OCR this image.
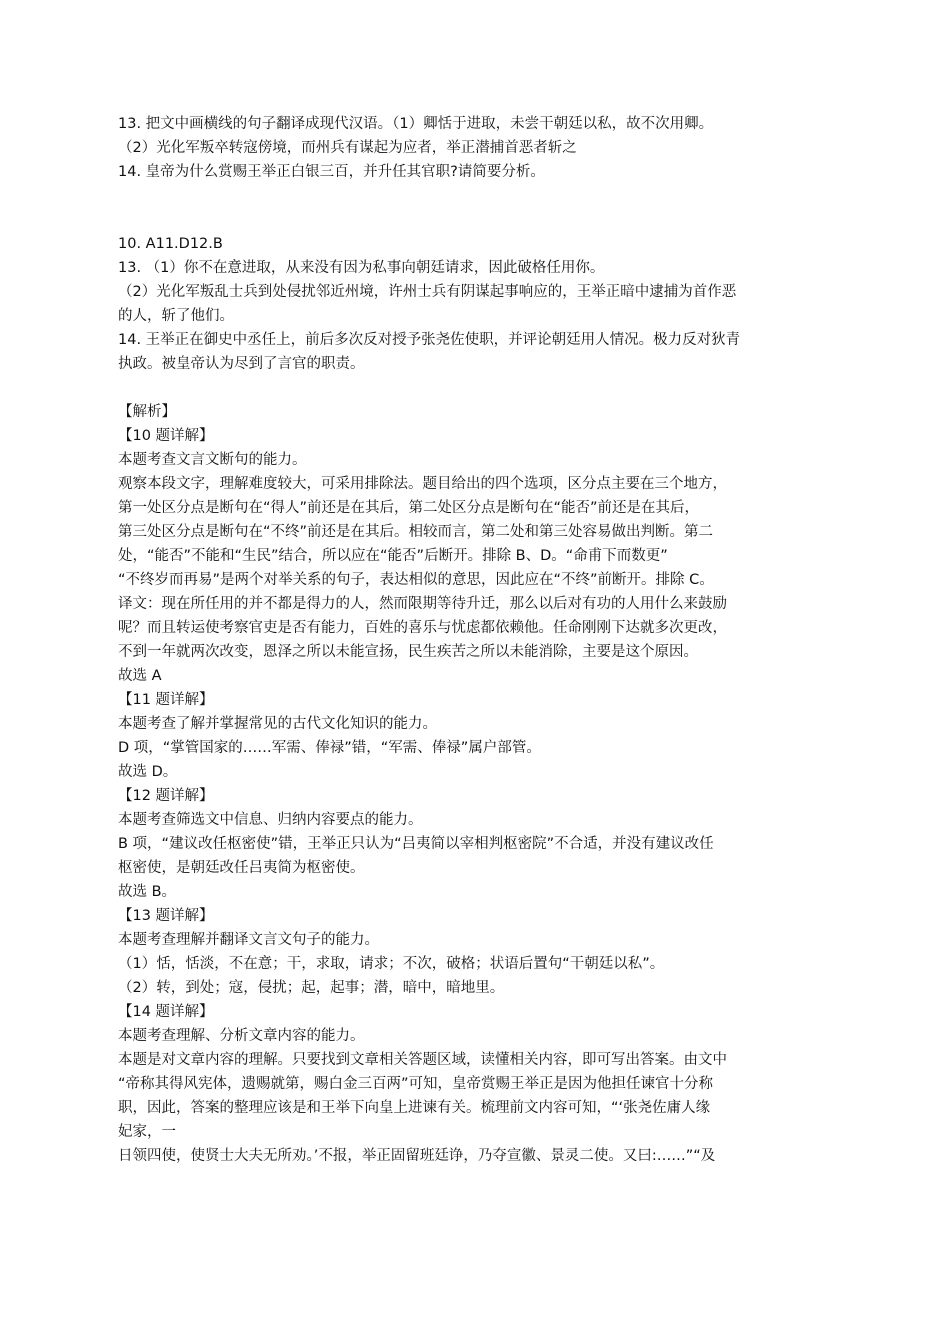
13. 把文中画横线的句子翻译成现代汉语。（1）卿恬于进取，未尝干朝廷以私，故不次用卿。
（2）光化军叛卒转寇傍境，而州兵有谋起为应者，举正潜捕首恶者斩之
14. 皇帝为什么赏赐王举正白银三百，并升任其官职?请简要分析。
10. A11.D12.B
13. （1）你不在意进取，从来没有因为私事向朝廷请求，因此破格任用你。
（2）光化军叛乱士兵到处侵扰邻近州境，许州士兵有阴谋起事响应的，王举正暗中逮捕为首作恶
的人，斩了他们。
14. 王举正在御史中丞任上，前后多次反对授予张尧佐使职，并评论朝廷用人情况。极力反对狄青
执政。被皇帝认为尽到了言官的职责。
【解析】
【10 题详解】
本题考查文言文断句的能力。
观察本段文字，理解难度较大，可采用排除法。题目给出的四个选项，区分点主要在三个地方，
第一处区分点是断句在“得人”前还是在其后，第二处区分点是断句在“能否”前还是在其后，
第三处区分点是断句在“不终”前还是在其后。相较而言，第二处和第三处容易做出判断。第二
处，“能否”不能和“生民”结合，所以应在“能否”后断开。排除 B、D。“命甫下而数更”
“不终岁而再易”是两个对举关系的句子，表达相似的意思，因此应在“不终”前断开。排除 C。
译文：现在所任用的并不都是得力的人，然而限期等待升迁，那么以后对有功的人用什么来鼓励
呢？而且转运使考察官吏是否有能力，百姓的喜乐与忧虑都依赖他。任命刚刚下达就多次更改，
不到一年就两次改变，恩泽之所以未能宣扬，民生疾苦之所以未能消除，主要是这个原因。
故选 A
【11 题详解】
本题考查了解并掌握常见的古代文化知识的能力。
D 项，“掌管国家的……军需、俸禄”错，“军需、俸禄”属户部管。
故选 D。
【12 题详解】
本题考查筛选文中信息、归纳内容要点的能力。
B 项，“建议改任枢密使”错，王举正只认为“吕夷简以宰相判枢密院”不合适，并没有建议改任
枢密使，是朝廷改任吕夷简为枢密使。
故选 B。
【13 题详解】
本题考查理解并翻译文言文句子的能力。
（1）恬，恬淡，不在意；干，求取，请求；不次，破格；状语后置句“干朝廷以私”。
（2）转，到处；寇，侵扰；起，起事；潜，暗中，暗地里。
【14 题详解】
本题考查理解、分析文章内容的能力。
本题是对文章内容的理解。只要找到文章相关答题区域，读懂相关内容，即可写出答案。由文中
“帝称其得风宪体，遗赐就第，赐白金三百两”可知，皇帝赏赐王举正是因为他担任谏官十分称
职，因此，答案的整理应该是和王举下向皇上进谏有关。梳理前文内容可知，“‘张尧佐庸人缘
妃家，一
日领四使，使贤士大夫无所劝。’不报，举正固留班廷诤，乃夺宣徽、景灵二使。又曰:……”“及
